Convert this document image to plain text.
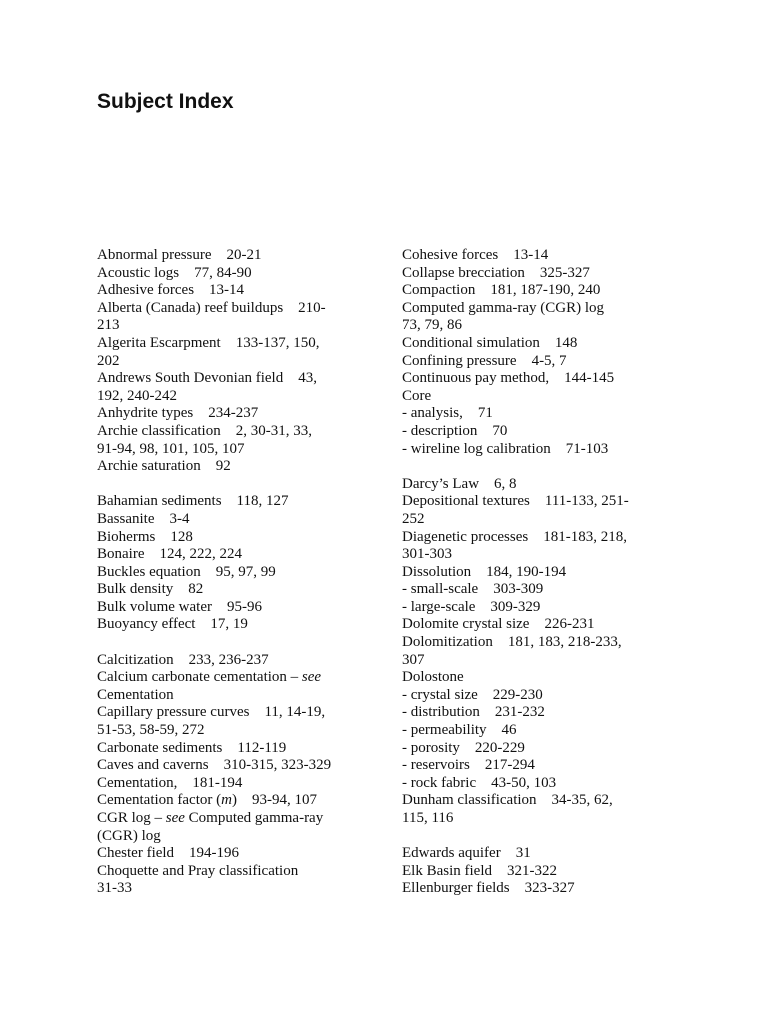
Subject Index
Abnormal pressure    20-21
Acoustic logs    77, 84-90
Adhesive forces    13-14
Alberta (Canada) reef buildups    210-
213
Algerita Escarpment    133-137, 150,
202
Andrews South Devonian field    43,
192, 240-242
Anhydrite types    234-237
Archie classification    2, 30-31, 33,
91-94, 98, 101, 105, 107
Archie saturation    92
Bahamian sediments    118, 127
Bassanite    3-4
Bioherms    128
Bonaire    124, 222, 224
Buckles equation    95, 97, 99
Bulk density    82
Bulk volume water    95-96
Buoyancy effect    17, 19
Calcitization    233, 236-237
Calcium carbonate cementation – see
Cementation
Capillary pressure curves    11, 14-19,
51-53, 58-59, 272
Carbonate sediments    112-119
Caves and caverns    310-315, 323-329
Cementation,    181-194
Cementation factor (m)    93-94, 107
CGR log – see Computed gamma-ray
(CGR) log
Chester field    194-196
Choquette and Pray classification
31-33
Cohesive forces    13-14
Collapse brecciation    325-327
Compaction    181, 187-190, 240
Computed gamma-ray (CGR) log
73, 79, 86
Conditional simulation    148
Confining pressure    4-5, 7
Continuous pay method,    144-145
Core
- analysis,    71
- description    70
- wireline log calibration    71-103
Darcy’s Law    6, 8
Depositional textures    111-133, 251-
252
Diagenetic processes    181-183, 218,
301-303
Dissolution    184, 190-194
- small-scale    303-309
- large-scale    309-329
Dolomite crystal size    226-231
Dolomitization    181, 183, 218-233,
307
Dolostone
- crystal size    229-230
- distribution    231-232
- permeability    46
- porosity    220-229
- reservoirs    217-294
- rock fabric    43-50, 103
Dunham classification    34-35, 62,
115, 116
Edwards aquifer    31
Elk Basin field    321-322
Ellenburger fields    323-327
